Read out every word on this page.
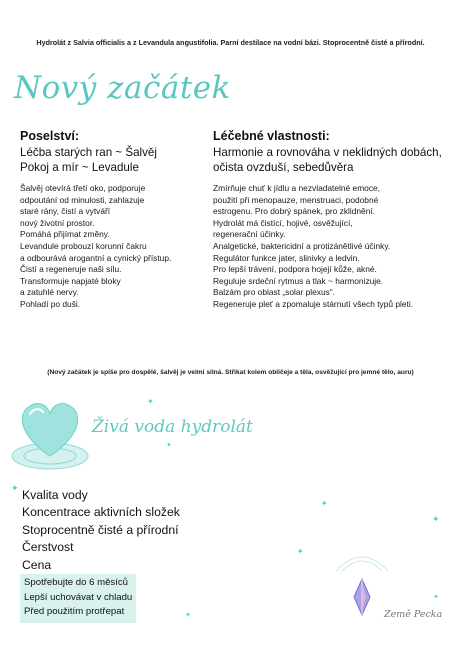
Hydrolát z Salvia officialis a z Levandula angustifolia. Parní destilace na vodní bázi. Stoprocentně čisté a přírodní.
Nový začátek
Poselství:
Léčba starých ran ~ Šalvěj
Pokoj a mír ~ Levadule
Šalvěj otevírá třetí oko, podporuje
odpoutání od minulosti, zahlazuje
staré rány, čistí a vytváří
nový životní prostor.
Pomáhá přijímat změny.
Levandule probouzí korunní čakru
a odbourává arogantní a cynický přístup.
Čistí a regeneruje naši sílu.
Transformuje napjaté bloky
a zatuhlé nervy.
Pohladí po duši.
Léčebné vlastnosti:
Harmonie a rovnováha v neklidných dobách,
očista ovzduší, sebedůvěra
Zmírňuje chuť k jídlu a nezvladatelné emoce,
použití při menopauze, menstruaci, podobné
estrogenu. Pro dobrý spánek, pro zklidnění.
Hydrolát má čistící, hojivé, osvěžující,
regenerační účinky.
Analgetické, baktericidní a protizánětlivé účinky.
Regulátor funkce jater, slinivky a ledvin.
Pro lepší trávení, podpora hojejí kůže, akné.
Reguluje srdeční rytmus a tlak ~ harmonizuje.
Balzám pro oblast „solar plexus“.
Regeneruje pleť a zpomaluje stárnutí všech typů pleti.
(Nový začátek je spíše pro dospělé, šalvěj je velmi silná. Střikat kolem obličeje a těla, osvěžující pro jemné tělo, auru)
Živá voda hydrolát
Kvalita vody
Koncentrace aktivních složek
Stoprocentně čisté a přírodní
Čerstvost
Cena
Spotřebujte do 6 měsíců
Lepší uchovávat v chladu
Před použitím protřepat
✦
✦
✦
✦
✦
✦
✦
✦
Země Pecka
